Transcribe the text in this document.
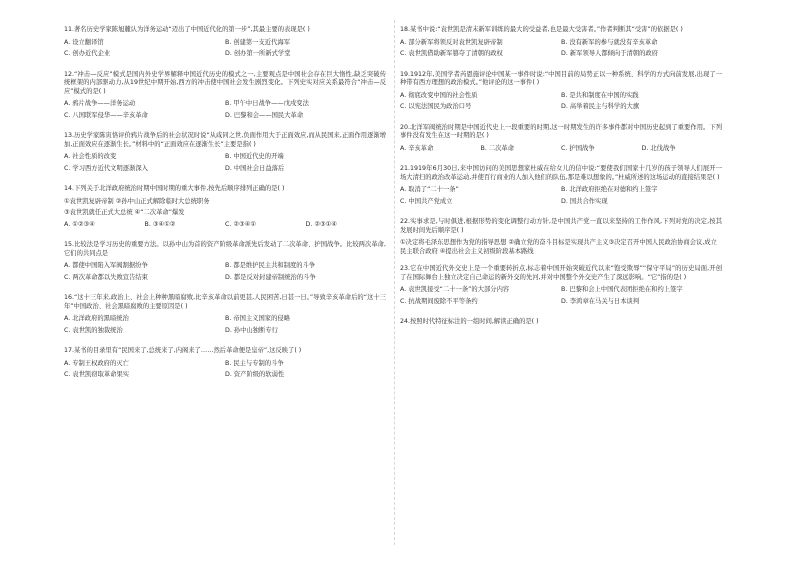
11.著名历史学家陈旭麓认为洋务运动“迈出了中国近代化的第一步”,其最主要的表现是( )

A. 设立翻译馆	B. 创建第一支近代海军
C. 创办近代企业	D. 创办第一所新式学堂

12.“冲击—反应”模式是国内外史学界解释中国近代历史的模式之一,主要观点是中国社会存在巨大惰性,缺乏突破传统框架的内部驱动力,从19世纪中期开始,西方的冲击使中国社会发生剧烈变化。下列史实对应关系最符合“冲击—反应”模式的是( )

A. 鸦片战争——洋务运动	B. 甲午中日战争——戊戌变法
C. 八国联军侵华——辛亥革命	D. 巴黎和会——国民大革命

13.历史学家陈寅恪评价鸦片战争后的社会状况时说“从咸同之世,负面作用大于正面效应,而从民国来,正面作用逐渐增加,正面效应在逐渐生长。”材料中的“正面效应在逐渐生长”主要是指( )

A. 社会性质的改变	B. 中国近代史的开端
C. 学习西方近代文明逐渐深入	D. 中国社会日益落后

14.下列关于北洋政府统治时期中国时期的重大事件,按先后顺序排列正确的是( )

①袁世凯复辟帝制 ②孙中山正式解除临时大总统职务

③袁世凯就任正式大总统 ④“二次革命”爆发

A. ①②③④	B. ③④①②	C. ②③④①	D. ②③①④

15.比较法是学习历史的重要方法。以孙中山为首的资产阶级革命派先后发动了二次革命、护国战争。比较两次革命,它们的共同点是

A. 都使中国陷入军阀割据纷争	B. 都是维护民主共和制度的斗争
C. 两次革命都以失败宣告结束	D. 都是反对封建帝制统治的斗争

16.“这十三年来,政治上、社会上种种黑暗腐败,比辛亥革命以前更甚,人民困苦,日甚一日。”导致辛亥革命后的“这十三年”中国政治、社会黑暗腐败的主要原因是( )

A. 北洋政府的黑暗统治	B. 帝国主义国家的侵略
C. 袁世凯的独裁统治	D. 孙中山独断专行

17.某书的目录里有“民国来了,总统来了,内阁来了……然后革命便是皇帝”,这反映了( )

A. 专制王权政府的灭亡	B. 民主与专制的斗争
C. 袁世凯窃取革命果实	D. 资产阶级的软弱性

18.某书中说:“袁世凯是清末新军训练的最大的受益者,也是最大受害者。”作者判断其“受害”的依据是( )

A. 部分新军将领反对袁世凯复辟帝制	B. 没有新军的参与就没有辛亥革命
C. 袁世凯借助新军篡夺了清朝的政权	D. 新军领导人都倾向于清朝的政府

19.1912年,美国学者芮恩施评论中国某一事件时说:“中国目前的局势正以一种系统、科学的方式向前发展,出现了一种带有西方理想的政治模式。”他评论的这一事件( )

A. 彻底改变中国的社会性质	B. 是共和制度在中国的实践
C. 以宪法国民为政治口号	D. 高举着民主与科学的大旗

20.北洋军阀统治时期是中国近代史上一段重要的时期,这一时期发生的许多事件都对中国历史起到了重要作用。下列事件没有发生在这一时期的是( )

A. 辛亥革命	B. 二次革命	C. 护国战争	D. 北伐战争

21.1919年6月30日,来中国访问的美国思想家杜威在给女儿的信中说:“要使我们国家十几岁的孩子领导人们展开一场大清扫的政治改革运动,并使百行商业的人加入他们的队伍,那是难以想象的。”杜威所述的这场运动的直接结果是( )

A. 取消了“二十一条”	B. 北洋政府拒绝在对德和约上签字
C. 中国共产党成立	D. 国共合作实现

22.实事求是,与时俱进,根据形势的变化调整行动方针,是中国共产党一直以来坚持的工作作风,下列对党的决定,按其发展时间先后顺序是( )

①决定将毛泽东思想作为党的指导思想 ②确立党的奋斗目标是实现共产主义③决定召开中国人民政治协商会议,成立民主联合政府 ④提出社会主义初级阶段基本路线

23.它在中国近代外交史上是一个重要转折点,标志着中国开始突破近代以来“饱受欺辱”“保守平局”的历史局面,开创了在国际舞台上独立决定自己命运的新外交的先河,并对中国整个外交史产生了深远影响。“它”指的是( )

A. 袁世凯接受“二十一条”的大部分内容	B. 巴黎和会上中国代表团拒绝在和约上签字
C. 抗战期间废除不平等条约	D. 李鸿章在马关与日本谈判

24.按照时代特征标注的一组时间,解读正确的是( )
